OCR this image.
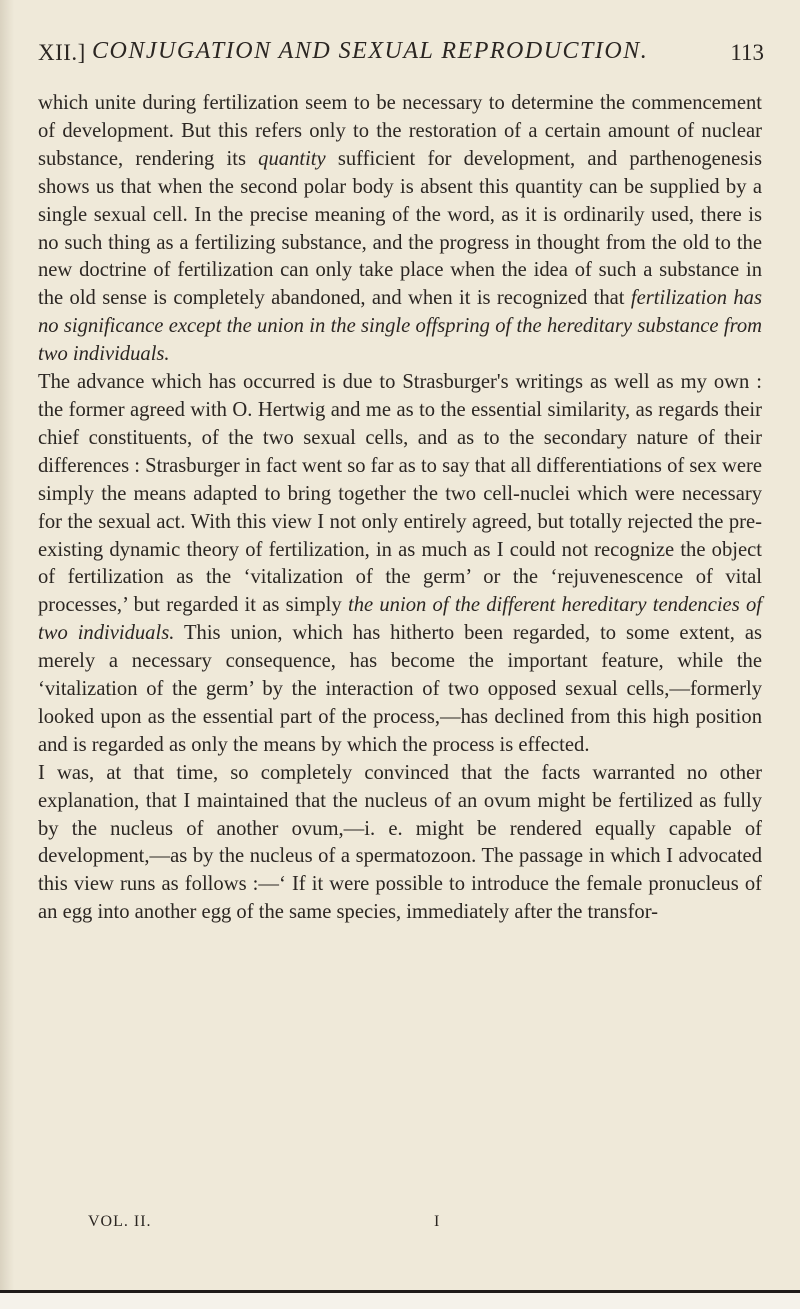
XII.] CONJUGATION AND SEXUAL REPRODUCTION.	113

which unite during fertilization seem to be necessary to determine the commencement of development. But this refers only to the restoration of a certain amount of nuclear substance, rendering its quantity sufficient for development, and parthenogenesis shows us that when the second polar body is absent this quantity can be supplied by a single sexual cell. In the precise meaning of the word, as it is ordinarily used, there is no such thing as a fertilizing substance, and the progress in thought from the old to the new doctrine of fertilization can only take place when the idea of such a substance in the old sense is completely abandoned, and when it is recognized that fertilization has no significance except the union in the single offspring of the hereditary substance from two individuals.

The advance which has occurred is due to Strasburger's writings as well as my own : the former agreed with O. Hertwig and me as to the essential similarity, as regards their chief constituents, of the two sexual cells, and as to the secondary nature of their differences : Strasburger in fact went so far as to say that all differentiations of sex were simply the means adapted to bring together the two cell-nuclei which were necessary for the sexual act. With this view I not only entirely agreed, but totally rejected the pre-existing dynamic theory of fertilization, in as much as I could not recognize the object of fertilization as the ‘vitalization of the germ’ or the ‘rejuvenescence of vital processes,’ but regarded it as simply the union of the different hereditary tendencies of two individuals. This union, which has hitherto been regarded, to some extent, as merely a necessary consequence, has become the important feature, while the ‘vitalization of the germ’ by the interaction of two opposed sexual cells,—formerly looked upon as the essential part of the process,—has declined from this high position and is regarded as only the means by which the process is effected.

I was, at that time, so completely convinced that the facts warranted no other explanation, that I maintained that the nucleus of an ovum might be fertilized as fully by the nucleus of another ovum,—i. e. might be rendered equally capable of development,—as by the nucleus of a spermatozoon. The passage in which I advocated this view runs as follows :—‘ If it were possible to introduce the female pronucleus of an egg into another egg of the same species, immediately after the transfor-

VOL. II.	I
